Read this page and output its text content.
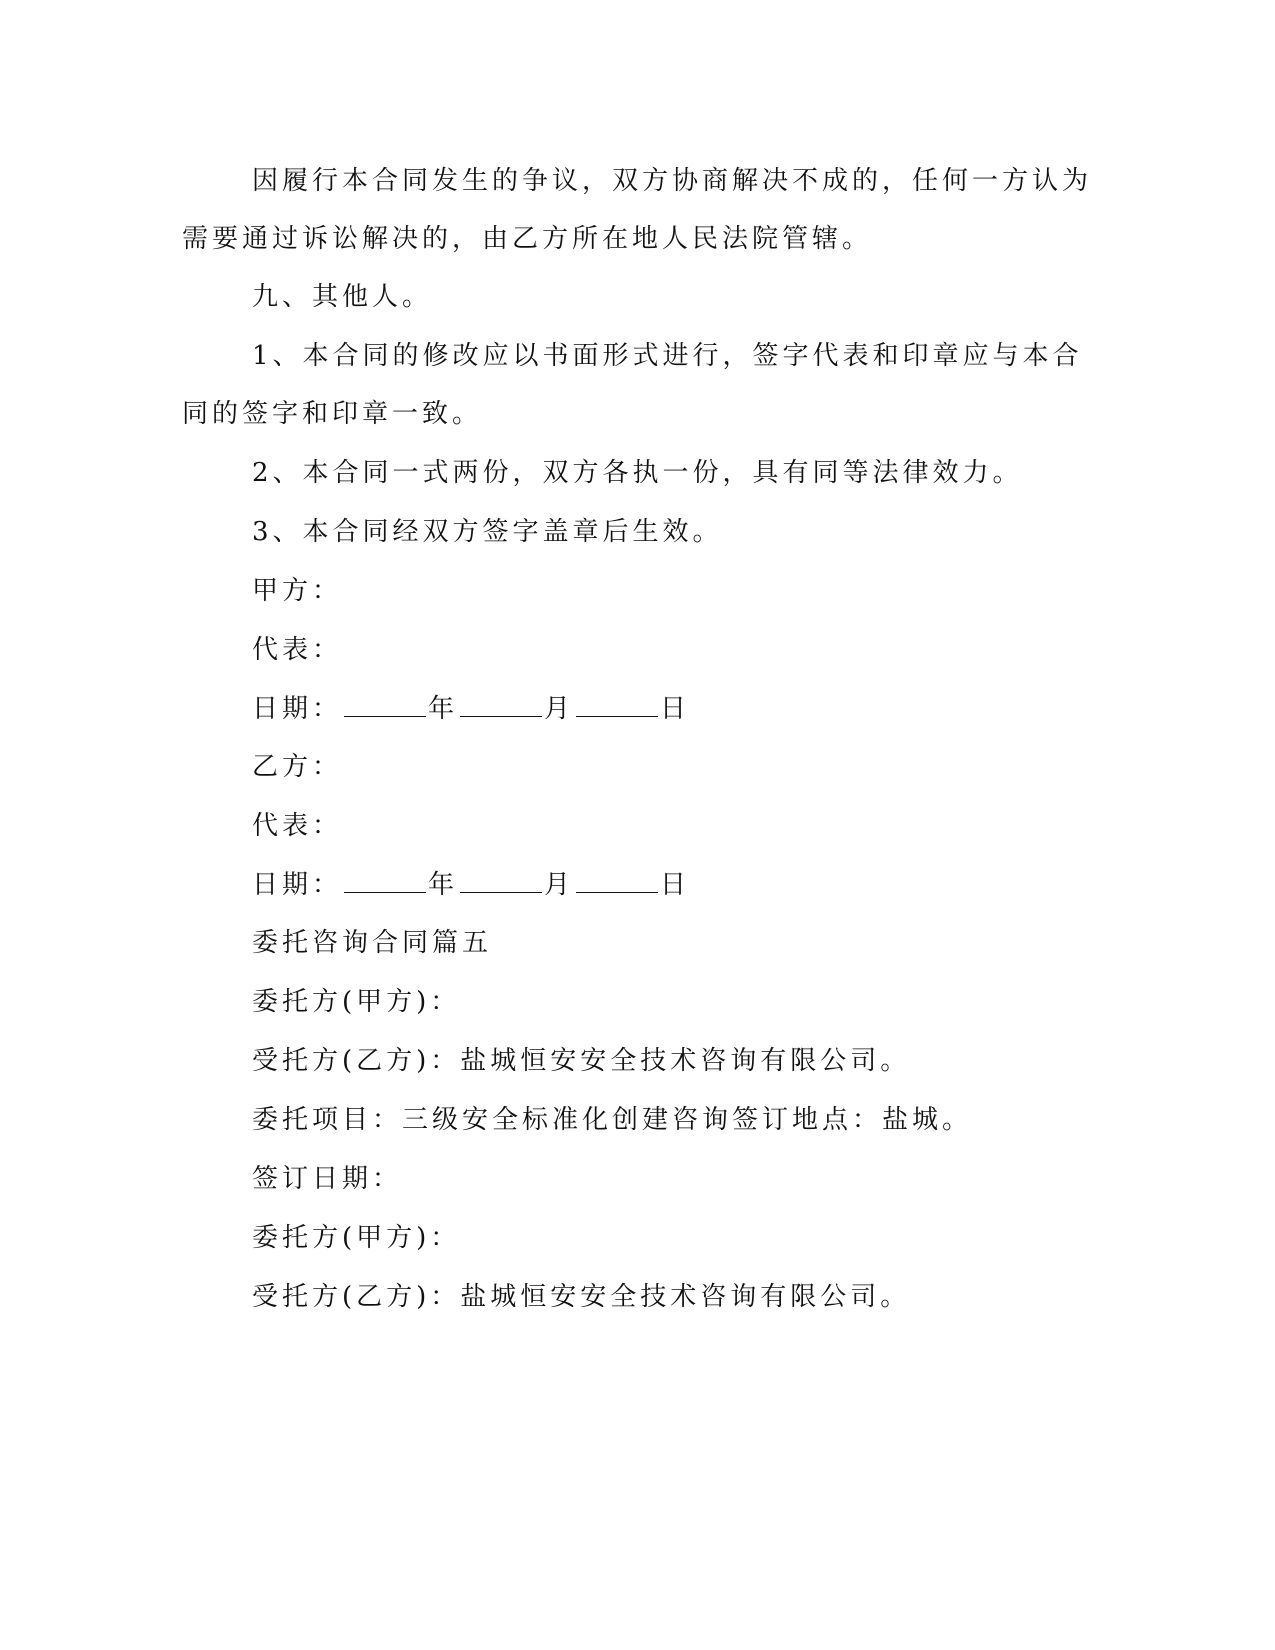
因履行本合同发生的争议，双方协商解决不成的，任何一方认为
需要通过诉讼解决的，由乙方所在地人民法院管辖。
九、其他人。
1、本合同的修改应以书面形式进行，签字代表和印章应与本合
同的签字和印章一致。
2、本合同一式两份，双方各执一份，具有同等法律效力。
3、本合同经双方签字盖章后生效。
甲方：
代表：
日期：	年	月	日
乙方：
代表：
日期：	年	月	日
委托咨询合同篇五
委托方(甲方)：
受托方(乙方)：盐城恒安安全技术咨询有限公司。
委托项目：三级安全标准化创建咨询签订地点：盐城。
签订日期：
委托方(甲方)：
受托方(乙方)：盐城恒安安全技术咨询有限公司。
